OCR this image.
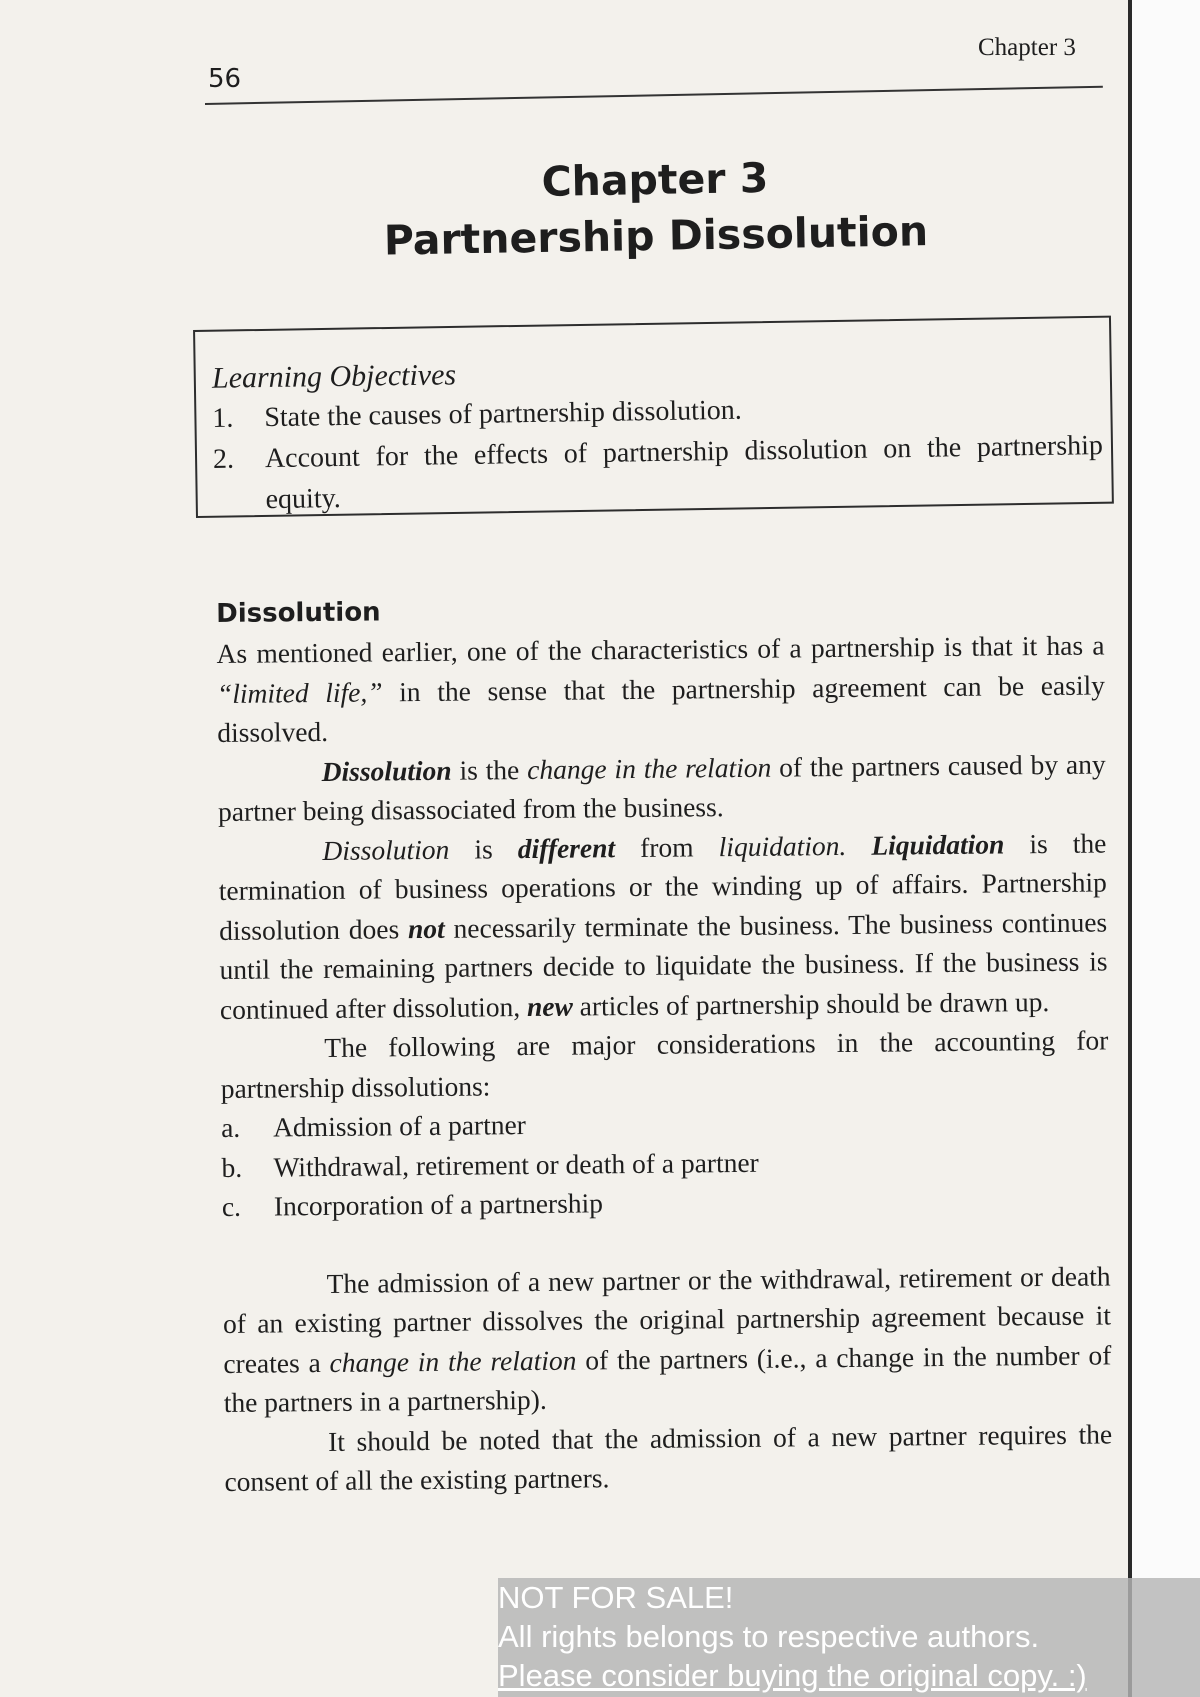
56
Chapter 3
Chapter 3
Partnership Dissolution
Learning Objectives
1.	State the causes of partnership dissolution.
2.	Account for the effects of partnership dissolution on the partnership equity.
Dissolution

As mentioned earlier, one of the characteristics of a partnership is that it has a “limited life,” in the sense that the partnership agreement can be easily dissolved.

Dissolution is the change in the relation of the partners caused by any partner being disassociated from the business.

Dissolution is different from liquidation. Liquidation is the termination of business operations or the winding up of affairs. Partnership dissolution does not necessarily terminate the business. The business continues until the remaining partners decide to liquidate the business. If the business is continued after dissolution, new articles of partnership should be drawn up.

The following are major considerations in the accounting for partnership dissolutions:

a.	Admission of a partner
b.	Withdrawal, retirement or death of a partner
c.	Incorporation of a partnership

The admission of a new partner or the withdrawal, retirement or death of an existing partner dissolves the original partnership agreement because it creates a change in the relation of the partners (i.e., a change in the number of the partners in a partnership).

It should be noted that the admission of a new partner requires the consent of all the existing partners.

NOT FOR SALE!
All rights belongs to respective authors.
Please consider buying the original copy. :)
